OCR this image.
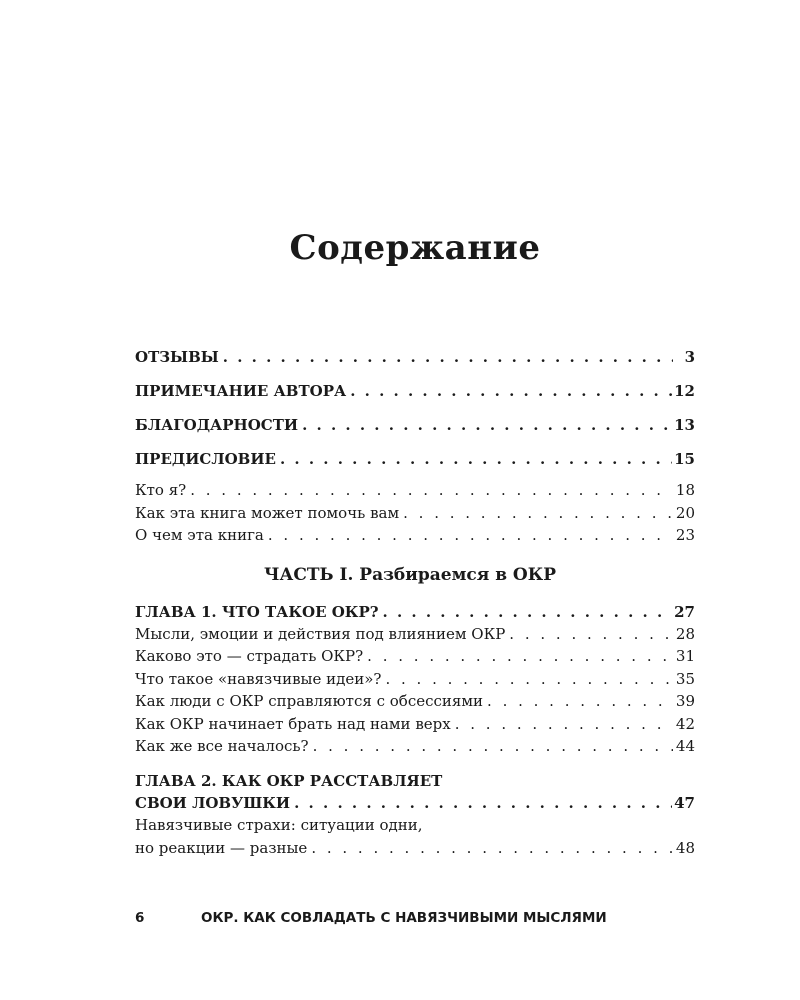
Содержание
ОТЗЫВЫ . . .	3
ПРИМЕЧАНИЕ АВТОРА . . .	12
БЛАГОДАРНОСТИ . . .	13
ПРЕДИСЛОВИЕ . . .	15
Кто я? . . .	18
Как эта книга может помочь вам . . .	20
О чем эта книга . . .	23
ЧАСТЬ I. Разбираемся в ОКР
ГЛАВА 1. ЧТО ТАКОЕ ОКР? . . .	27
Мысли, эмоции и действия под влиянием ОКР . . .	28
Каково это — страдать ОКР? . . .	31
Что такое «навязчивые идеи»? . . .	35
Как люди с ОКР справляются с обсессиями . . .	39
Как ОКР начинает брать над нами верх . . .	42
Как же все началось? . . .	44
ГЛАВА 2. КАК ОКР РАССТАВЛЯЕТ
СВОИ ЛОВУШКИ . . .	47
Навязчивые страхи: ситуации одни,
но реакции — разные . . .	48
6	ОКР. КАК СОВЛАДАТЬ С НАВЯЗЧИВЫМИ МЫСЛЯМИ
